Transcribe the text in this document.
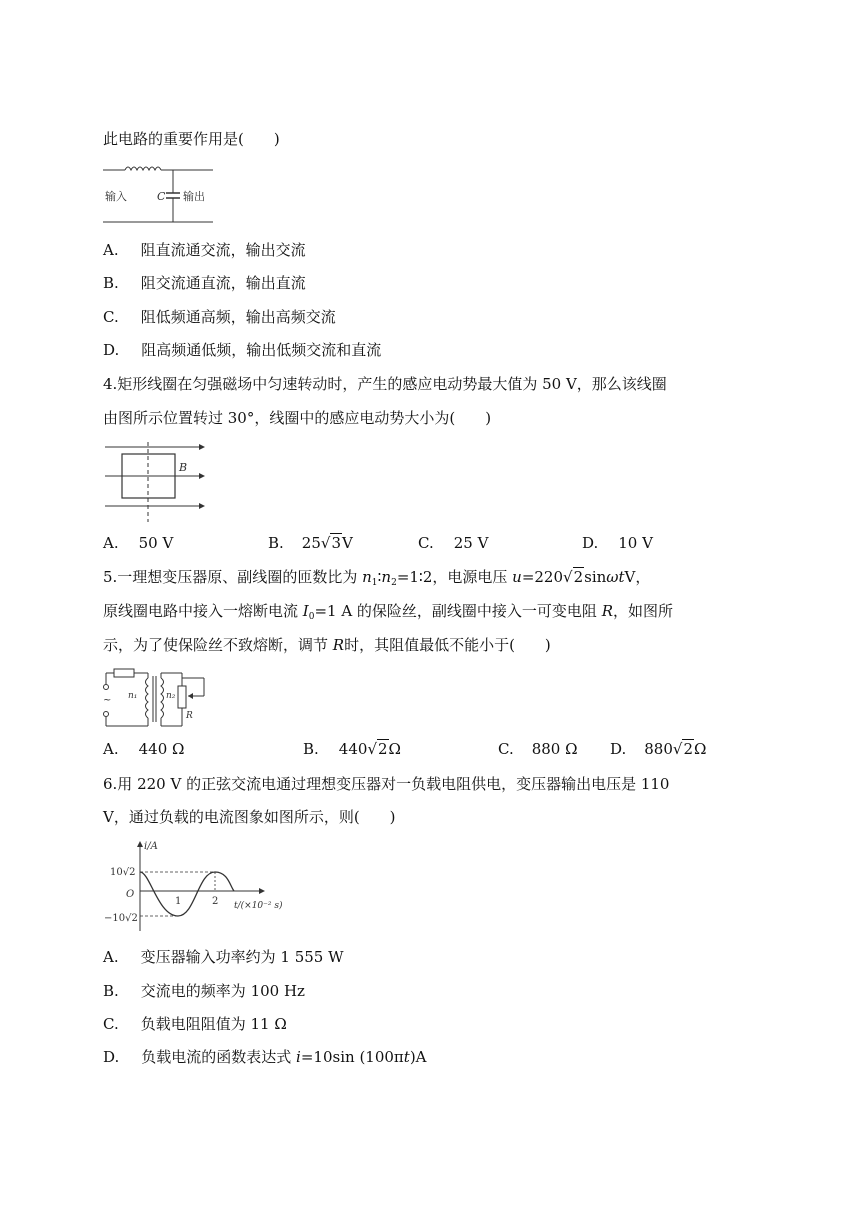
此电路的重要作用是(　　)
输入	C 输出
A. 阻直流通交流，输出交流
B. 阻交流通直流，输出直流
C. 阻低频通高频，输出高频交流
D. 阻高频通低频，输出低频交流和直流
4.矩形线圈在匀强磁场中匀速转动时，产生的感应电动势最大值为 50 V，那么该线圈
由图所示位置转过 30°，线圈中的感应电动势大小为(　　)
B
A. 50 V	B. 25√3V	C. 25 V	D. 10 V
5.一理想变压器原、副线圈的匝数比为 $n_1∶n_2=1∶2$，电源电压 u=220√2sinωtV，
原线圈电路中接入一熔断电流 $I_0=1$ A 的保险丝，副线圈中接入一可变电阻 R，如图所
示，为了使保险丝不致熔断，调节 R时，其阻值最低不能小于(　　)
~ n₁	n₂
R
A. 440 Ω	B. 440√2Ω	C. 880 Ω D. 880√2Ω
6.用 220 V 的正弦交流电通过理想变压器对一负载电阻供电，变压器输出电压是 110
V，通过负载的电流图象如图所示，则(　　)
i/A
10√2
O
−10√2
1	2 t/(×10⁻² s)
A. 变压器输入功率约为 1 555 W
B. 交流电的频率为 100 Hz
C. 负载电阻阻值为 11 Ω
D. 负载电流的函数表达式 i=10sin (100πt)A
